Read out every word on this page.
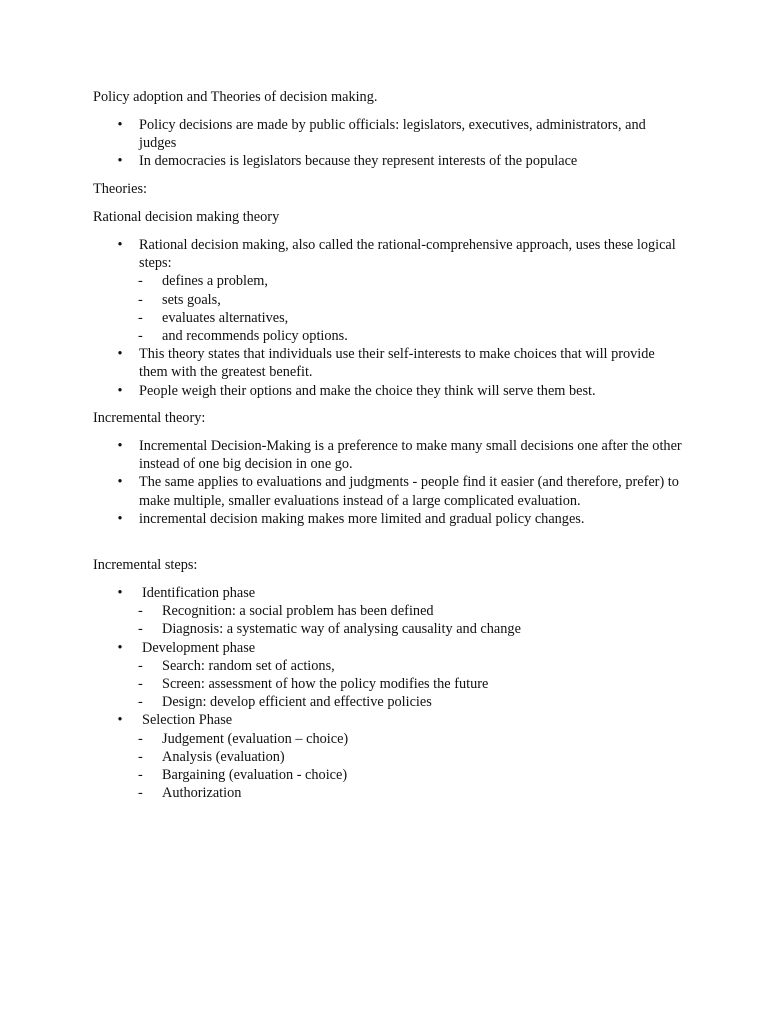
Policy adoption and Theories of decision making.
• Policy decisions are made by public officials: legislators, executives, administrators, and judges
• In democracies is legislators because they represent interests of the populace
Theories:
Rational decision making theory
• Rational decision making, also called the rational-comprehensive approach, uses these logical steps:
- defines a problem,
- sets goals,
- evaluates alternatives,
- and recommends policy options.
• This theory states that individuals use their self-interests to make choices that will provide them with the greatest benefit.
• People weigh their options and make the choice they think will serve them best.
Incremental theory:
• Incremental Decision-Making is a preference to make many small decisions one after the other instead of one big decision in one go.
• The same applies to evaluations and judgments - people find it easier (and therefore, prefer) to make multiple, smaller evaluations instead of a large complicated evaluation.
• incremental decision making makes more limited and gradual policy changes.
Incremental steps:
• Identification phase
- Recognition: a social problem has been defined
- Diagnosis: a systematic way of analysing causality and change
• Development phase
- Search: random set of actions,
- Screen: assessment of how the policy modifies the future
- Design: develop efficient and effective policies
• Selection Phase
- Judgement (evaluation – choice)
- Analysis (evaluation)
- Bargaining (evaluation - choice)
- Authorization
